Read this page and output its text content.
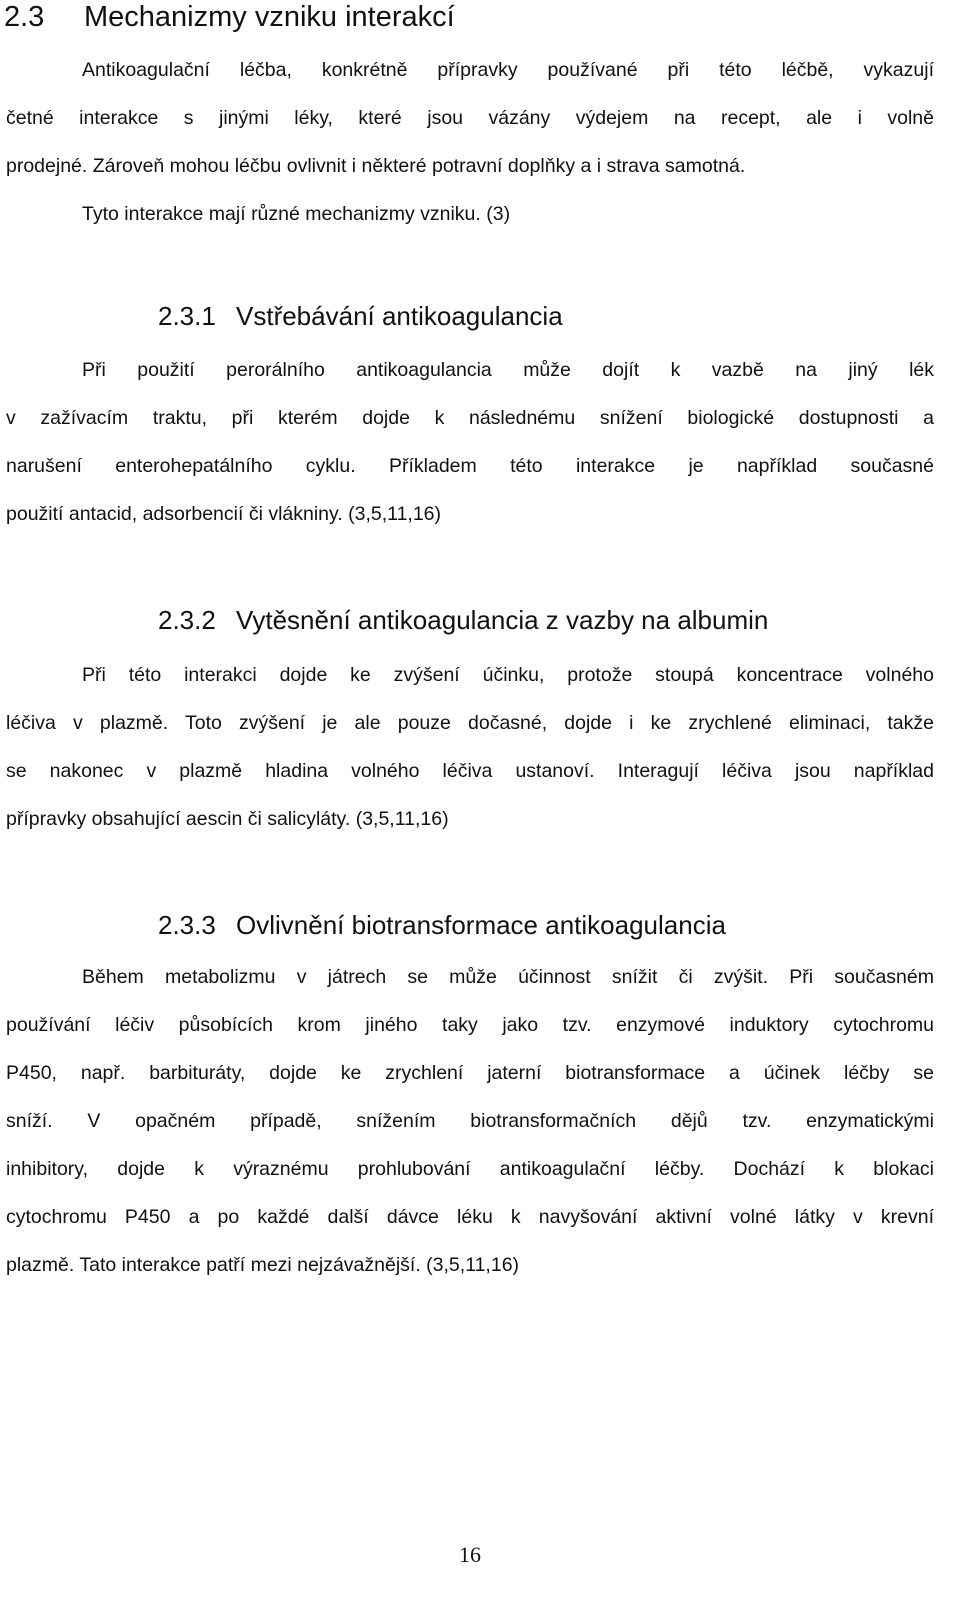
2.3 Mechanizmy vzniku interakcí
Antikoagulační léčba, konkrétně přípravky používané při této léčbě, vykazují
četné interakce s jinými léky, které jsou vázány výdejem na recept, ale i volně
prodejné. Zároveň mohou léčbu ovlivnit i některé potravní doplňky a i strava samotná.
Tyto interakce mají různé mechanizmy vzniku. (3)
2.3.1 Vstřebávání antikoagulancia
Při použití perorálního antikoagulancia může dojít k vazbě na jiný lék
v zažívacím traktu, při kterém dojde k následnému snížení biologické dostupnosti a
narušení enterohepatálního cyklu. Příkladem této interakce je například současné
použití antacid, adsorbencií či vlákniny. (3,5,11,16)
2.3.2 Vytěsnění antikoagulancia z vazby na albumin
Při této interakci dojde ke zvýšení účinku, protože stoupá koncentrace volného
léčiva v plazmě. Toto zvýšení je ale pouze dočasné, dojde i ke zrychlené eliminaci, takže
se nakonec v plazmě hladina volného léčiva ustanoví. Interagují léčiva jsou například
přípravky obsahující aescin či salicyláty. (3,5,11,16)
2.3.3 Ovlivnění biotransformace antikoagulancia
Během metabolizmu v játrech se může účinnost snížit či zvýšit. Při současném
používání léčiv působících krom jiného taky jako tzv. enzymové induktory cytochromu
P450, např. barbituráty, dojde ke zrychlení jaterní biotransformace a účinek léčby se
sníží. V opačném případě, snížením biotransformačních dějů tzv. enzymatickými
inhibitory, dojde k výraznému prohlubování antikoagulační léčby. Dochází k blokaci
cytochromu P450 a po každé další dávce léku k navyšování aktivní volné látky v krevní
plazmě. Tato interakce patří mezi nejzávažnější. (3,5,11,16)
16
